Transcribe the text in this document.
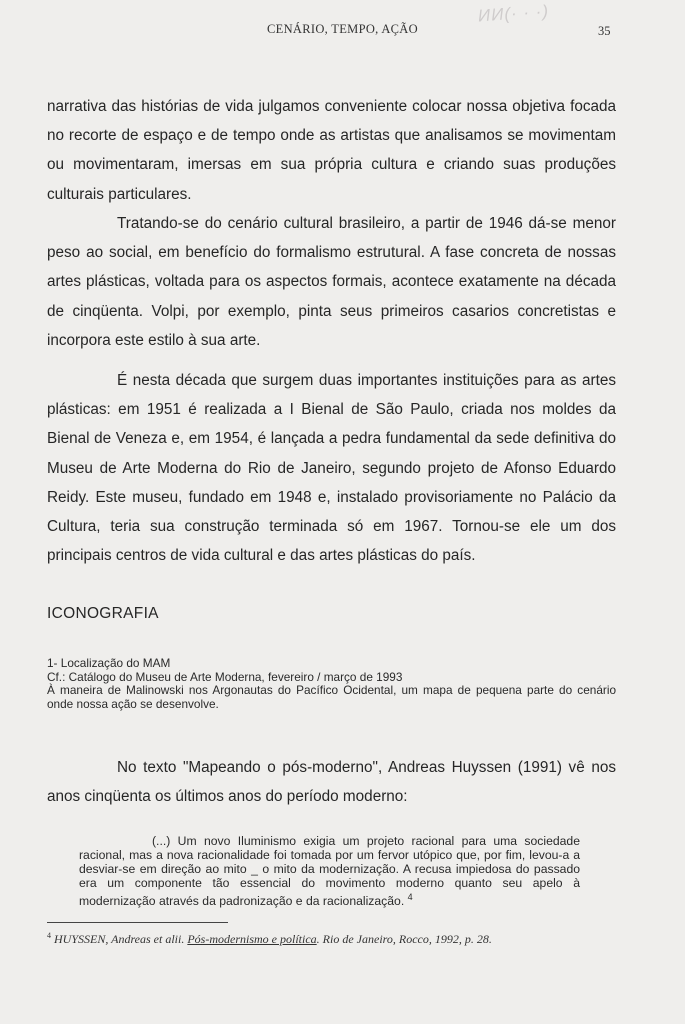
ИИ(· · ·)
CENÁRIO, TEMPO, AÇÃO	35

narrativa das histórias de vida julgamos conveniente colocar nossa objetiva focada no recorte de espaço e de tempo onde as artistas que analisamos se movimentam ou movimentaram, imersas em sua própria cultura e criando suas produções culturais particulares.

Tratando-se do cenário cultural brasileiro, a partir de 1946 dá-se menor peso ao social, em benefício do formalismo estrutural. A fase concreta de nossas artes plásticas, voltada para os aspectos formais, acontece exatamente na década de cinqüenta. Volpi, por exemplo, pinta seus primeiros casarios concretistas e incorpora este estilo à sua arte.

É nesta década que surgem duas importantes instituições para as artes plásticas: em 1951 é realizada a I Bienal de São Paulo, criada nos moldes da Bienal de Veneza e, em 1954, é lançada a pedra fundamental da sede definitiva do Museu de Arte Moderna do Rio de Janeiro, segundo projeto de Afonso Eduardo Reidy. Este museu, fundado em 1948 e, instalado provisoriamente no Palácio da Cultura, teria sua construção terminada só em 1967. Tornou-se ele um dos principais centros de vida cultural e das artes plásticas do país.

ICONOGRAFIA
1- Localização do MAM
Cf.: Catálogo do Museu de Arte Moderna, fevereiro / março de 1993
À maneira de Malinowski nos Argonautas do Pacífico Ocidental, um mapa de pequena parte do cenário onde nossa ação se desenvolve.

No texto "Mapeando o pós-moderno", Andreas Huyssen (1991) vê nos anos cinqüenta os últimos anos do período moderno:

(...) Um novo Iluminismo exigia um projeto racional para uma sociedade racional, mas a nova racionalidade foi tomada por um fervor utópico que, por fim, levou-a a desviar-se em direção ao mito _ o mito da modernização. A recusa impiedosa do passado era um componente tão essencial do movimento moderno quanto seu apelo à modernização através da padronização e da racionalização. $^4$

$^4$ HUYSSEN, Andreas et alii. Pós-modernismo e política. Rio de Janeiro, Rocco, 1992, p. 28.
